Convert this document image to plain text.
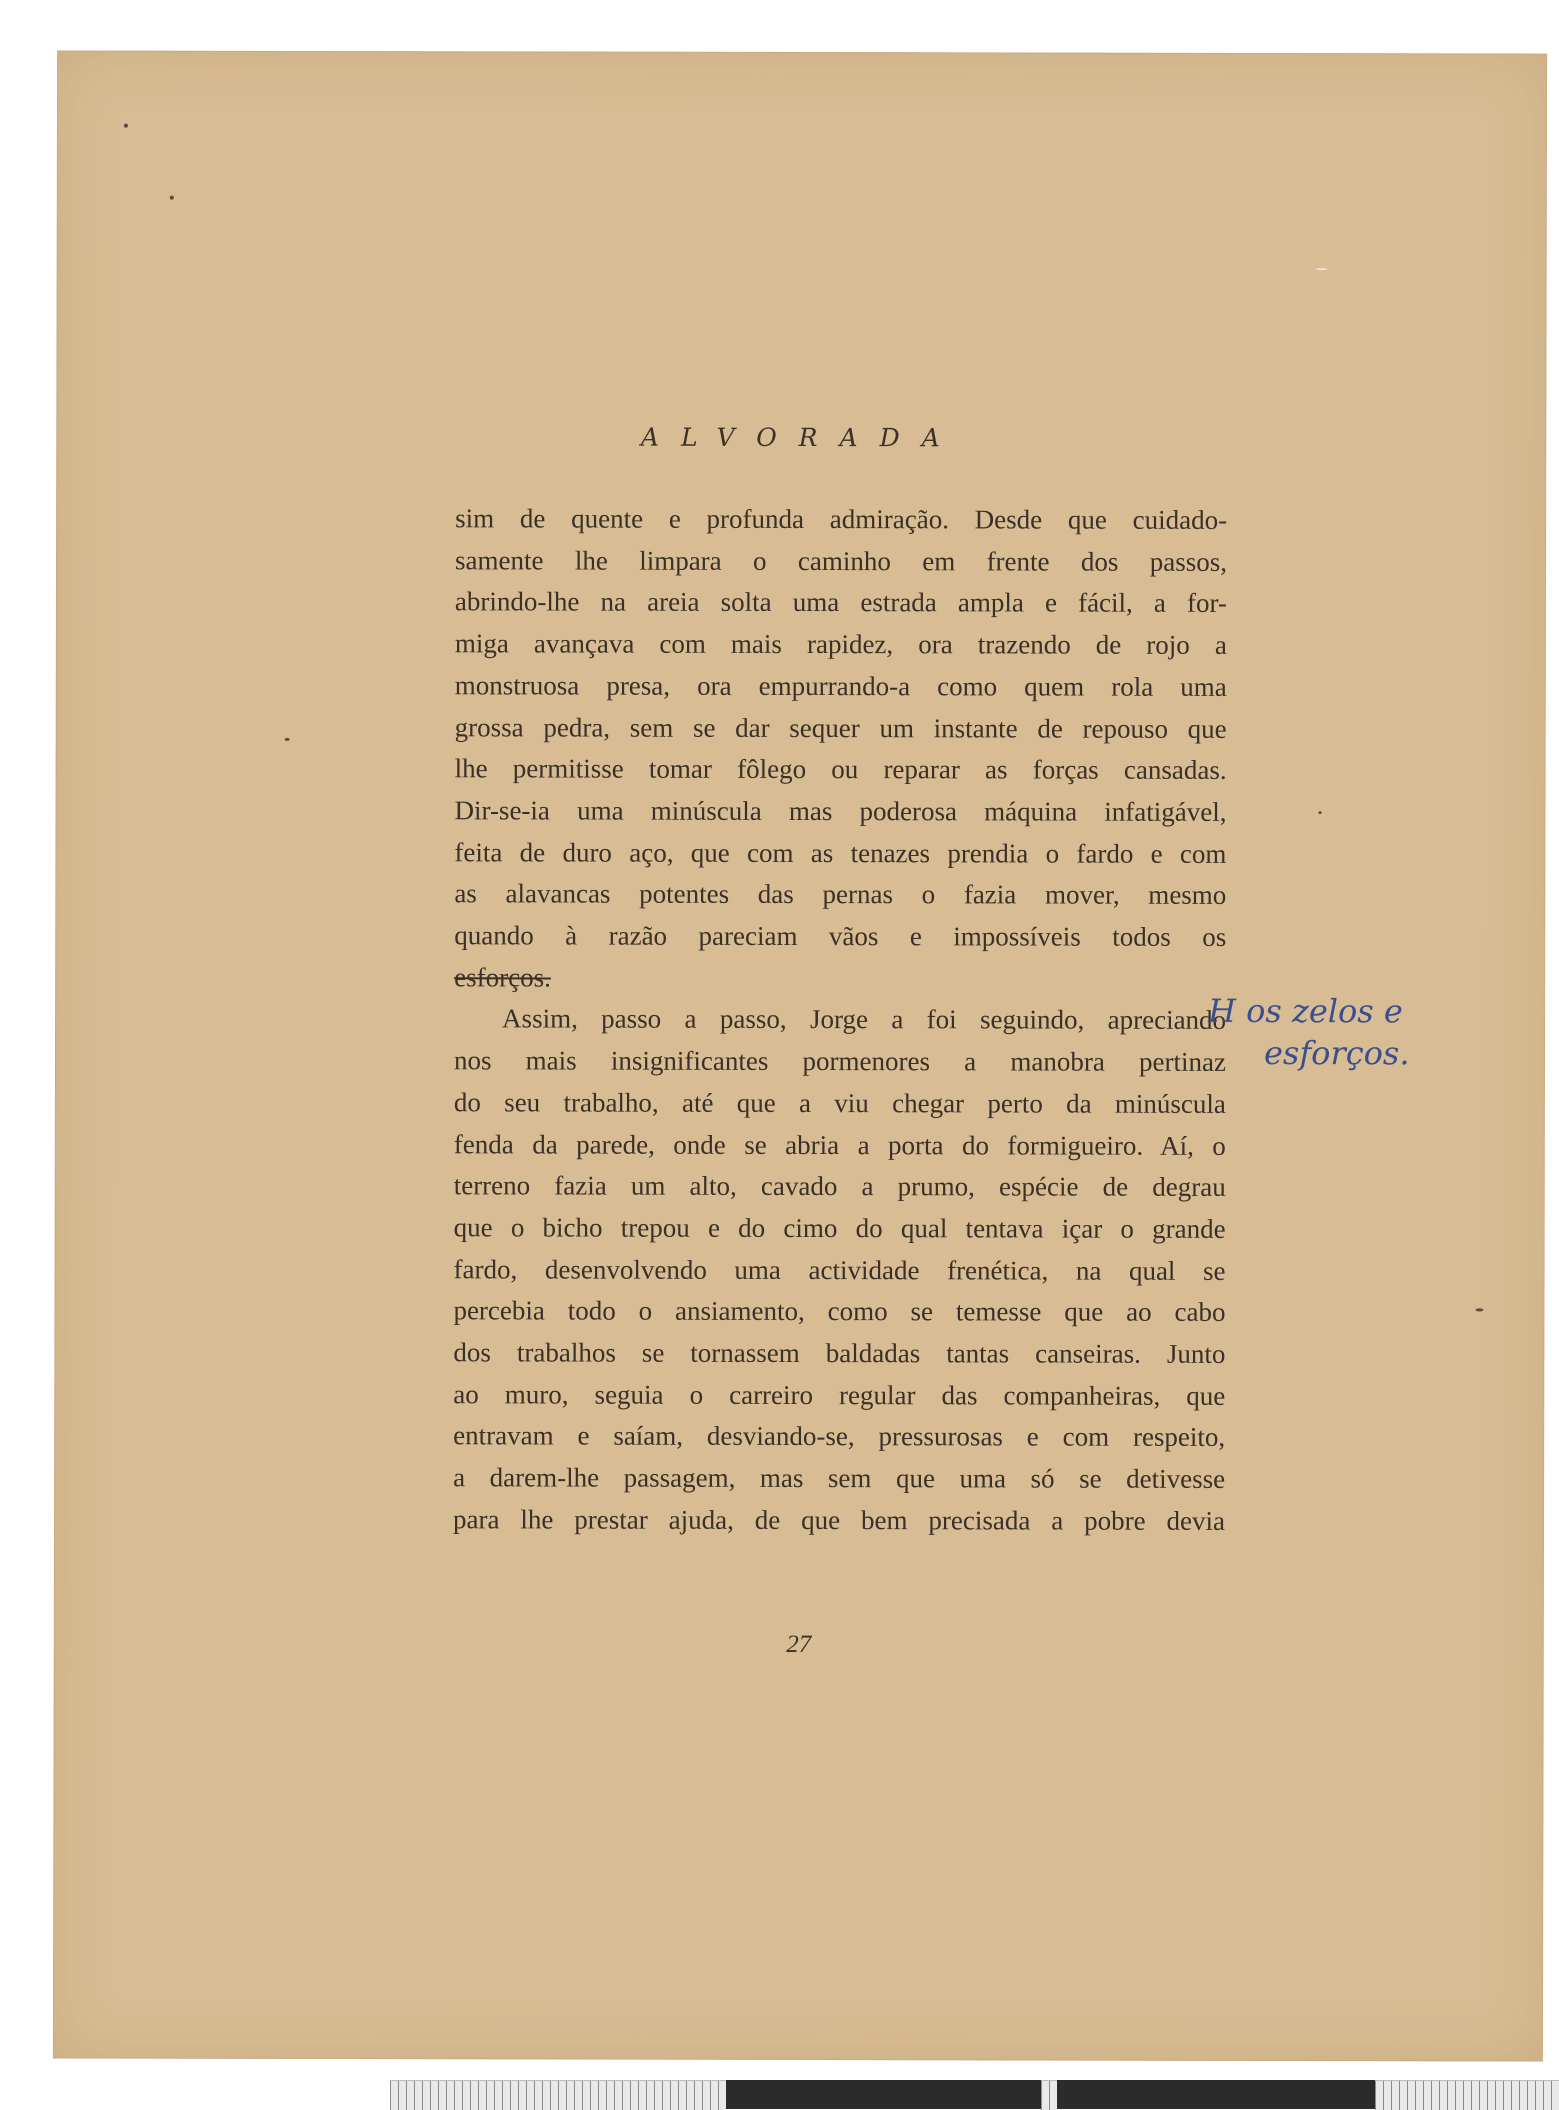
ALVORADA
sim de quente e profunda admiração. Desde que cuidado-
samente lhe limpara o caminho em frente dos passos,
abrindo-lhe na areia solta uma estrada ampla e fácil, a for-
miga avançava com mais rapidez, ora trazendo de rojo a
monstruosa presa, ora empurrando-a como quem rola uma
grossa pedra, sem se dar sequer um instante de repouso que
lhe permitisse tomar fôlego ou reparar as forças cansadas.
Dir-se-ia uma minúscula mas poderosa máquina infatigável,
feita de duro aço, que com as tenazes prendia o fardo e com
as alavancas potentes das pernas o fazia mover, mesmo
quando à razão pareciam vãos e impossíveis todos os
esforços.
Assim, passo a passo, Jorge a foi seguindo, apreciando
nos mais insignificantes pormenores a manobra pertinaz
do seu trabalho, até que a viu chegar perto da minúscula
fenda da parede, onde se abria a porta do formigueiro. Aí, o
terreno fazia um alto, cavado a prumo, espécie de degrau
que o bicho trepou e do cimo do qual tentava içar o grande
fardo, desenvolvendo uma actividade frenética, na qual se
percebia todo o ansiamento, como se temesse que ao cabo
dos trabalhos se tornassem baldadas tantas canseiras. Junto
ao muro, seguia o carreiro regular das companheiras, que
entravam e saíam, desviando-se, pressurosas e com respeito,
a darem-lhe passagem, mas sem que uma só se detivesse
para lhe prestar ajuda, de que bem precisada a pobre devia
H os zelos e
esforços.
27
